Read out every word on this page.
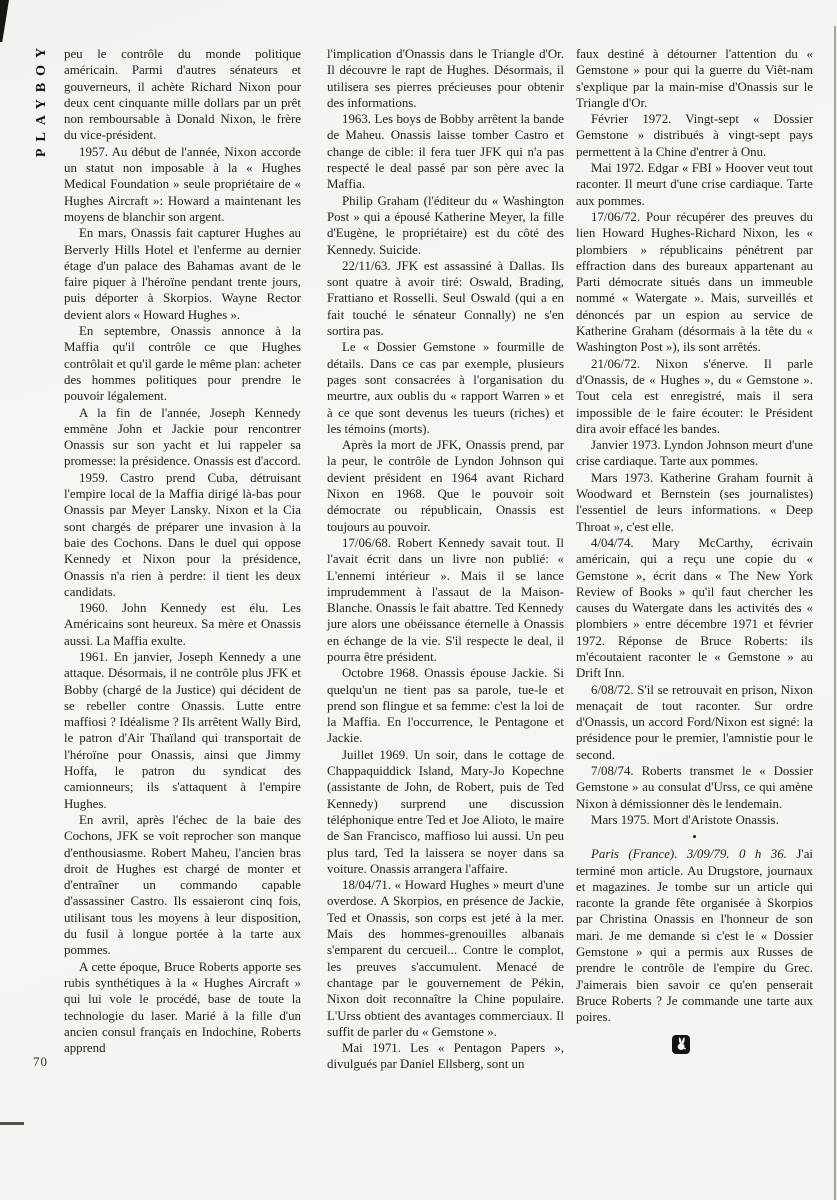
PLAYBOY peu le contrôle du monde politique américain. Parmi d'autres sénateurs et gouverneurs, il achète Richard Nixon pour deux cent cinquante mille dollars par un prêt non remboursable à Donald Nixon, le frère du vice-président.

1957. Au début de l'année, Nixon accorde un statut non imposable à la « Hughes Medical Foundation » seule propriétaire de « Hughes Aircraft »: Howard a maintenant les moyens de blanchir son argent.

En mars, Onassis fait capturer Hughes au Berverly Hills Hotel et l'enferme au dernier étage d'un palace des Bahamas avant de le faire piquer à l'héroïne pendant trente jours, puis déporter à Skorpios. Wayne Rector devient alors « Howard Hughes ».

En septembre, Onassis annonce à la Maffia qu'il contrôle ce que Hughes contrôlait et qu'il garde le même plan: acheter des hommes politiques pour prendre le pouvoir légalement.

A la fin de l'année, Joseph Kennedy emmène John et Jackie pour rencontrer Onassis sur son yacht et lui rappeler sa promesse: la présidence. Onassis est d'accord.

1959. Castro prend Cuba, détruisant l'empire local de la Maffia dirigé là-bas pour Onassis par Meyer Lansky. Nixon et la Cia sont chargés de préparer une invasion à la baie des Cochons. Dans le duel qui oppose Kennedy et Nixon pour la présidence, Onassis n'a rien à perdre: il tient les deux candidats.

1960. John Kennedy est élu. Les Américains sont heureux. Sa mère et Onassis aussi. La Maffia exulte.

1961. En janvier, Joseph Kennedy a une attaque. Désormais, il ne contrôle plus JFK et Bobby (chargé de la Justice) qui décident de se rebeller contre Onassis. Lutte entre maffiosi ? Idéalisme ? Ils arrêtent Wally Bird, le patron d'Air Thaïland qui transportait de l'héroïne pour Onassis, ainsi que Jimmy Hoffa, le patron du syndicat des camionneurs; ils s'attaquent à l'empire Hughes.

En avril, après l'échec de la baie des Cochons, JFK se voit reprocher son manque d'enthousiasme. Robert Maheu, l'ancien bras droit de Hughes est chargé de monter et d'entraîner un commando capable d'assassiner Castro. Ils essaieront cinq fois, utilisant tous les moyens à leur disposition, du fusil à longue portée à la tarte aux pommes.

A cette époque, Bruce Roberts apporte ses rubis synthétiques à la « Hughes Aircraft » qui lui vole le procédé, base de toute la technologie du laser. Marié à la fille d'un ancien consul français en Indochine, Roberts apprend

l'implication d'Onassis dans le Triangle d'Or. Il découvre le rapt de Hughes. Désormais, il utilisera ses pierres précieuses pour obtenir des informations.

1963. Les boys de Bobby arrêtent la bande de Maheu. Onassis laisse tomber Castro et change de cible: il fera tuer JFK qui n'a pas respecté le deal passé par son père avec la Maffia.

Philip Graham (l'éditeur du « Washington Post » qui a épousé Katherine Meyer, la fille d'Eugène, le propriétaire) est du côté des Kennedy. Suicide.

22/11/63. JFK est assassiné à Dallas. Ils sont quatre à avoir tiré: Oswald, Brading, Frattiano et Rosselli. Seul Oswald (qui a en fait touché le sénateur Connally) ne s'en sortira pas.

Le « Dossier Gemstone » fourmille de détails. Dans ce cas par exemple, plusieurs pages sont consacrées à l'organisation du meurtre, aux oublis du « rapport Warren » et à ce que sont devenus les tueurs (riches) et les témoins (morts).

Après la mort de JFK, Onassis prend, par la peur, le contrôle de Lyndon Johnson qui devient président en 1964 avant Richard Nixon en 1968. Que le pouvoir soit démocrate ou républicain, Onassis est toujours au pouvoir.

17/06/68. Robert Kennedy savait tout. Il l'avait écrit dans un livre non publié: « L'ennemi intérieur ». Mais il se lance imprudemment à l'assaut de la Maison-Blanche. Onassis le fait abattre. Ted Kennedy jure alors une obéissance éternelle à Onassis en échange de la vie. S'il respecte le deal, il pourra être président.

Octobre 1968. Onassis épouse Jackie. Si quelqu'un ne tient pas sa parole, tue-le et prend son flingue et sa femme: c'est la loi de la Maffia. En l'occurrence, le Pentagone et Jackie.

Juillet 1969. Un soir, dans le cottage de Chappaquiddick Island, Mary-Jo Kopechne (assistante de John, de Robert, puis de Ted Kennedy) surprend une discussion téléphonique entre Ted et Joe Alioto, le maire de San Francisco, maffioso lui aussi. Un peu plus tard, Ted la laissera se noyer dans sa voiture. Onassis arrangera l'affaire.

18/04/71. « Howard Hughes » meurt d'une overdose. A Skorpios, en présence de Jackie, Ted et Onassis, son corps est jeté à la mer. Mais des hommes-grenouilles albanais s'emparent du cercueil... Contre le complot, les preuves s'accumulent. Menacé de chantage par le gouvernement de Pékin, Nixon doit reconnaître la Chine populaire. L'Urss obtient des avantages commerciaux. Il suffit de parler du « Gemstone ».

Mai 1971. Les « Pentagon Papers », divulgués par Daniel Ellsberg, sont un

faux destiné à détourner l'attention du « Gemstone » pour qui la guerre du Viêt-nam s'explique par la main-mise d'Onassis sur le Triangle d'Or.

Février 1972. Vingt-sept « Dossier Gemstone » distribués à vingt-sept pays permettent à la Chine d'entrer à Onu.

Mai 1972. Edgar « FBI » Hoover veut tout raconter. Il meurt d'une crise cardiaque. Tarte aux pommes.

17/06/72. Pour récupérer des preuves du lien Howard Hughes-Richard Nixon, les « plombiers » républicains pénétrent par effraction dans des bureaux appartenant au Parti démocrate situés dans un immeuble nommé « Watergate ». Mais, surveillés et dénoncés par un espion au service de Katherine Graham (désormais à la tête du « Washington Post »), ils sont arrêtés.

21/06/72. Nixon s'énerve. Il parle d'Onassis, de « Hughes », du « Gemstone ». Tout cela est enregistré, mais il sera impossible de le faire écouter: le Président dira avoir effacé les bandes.

Janvier 1973. Lyndon Johnson meurt d'une crise cardiaque. Tarte aux pommes.

Mars 1973. Katherine Graham fournit à Woodward et Bernstein (ses journalistes) l'essentiel de leurs informations. « Deep Throat », c'est elle.

4/04/74. Mary McCarthy, écrivain américain, qui a reçu une copie du « Gemstone », écrit dans « The New York Review of Books » qu'il faut chercher les causes du Watergate dans les activités des « plombiers » entre décembre 1971 et février 1972. Réponse de Bruce Roberts: ils m'écoutaient raconter le « Gemstone » au Drift Inn.

6/08/72. S'il se retrouvait en prison, Nixon menaçait de tout raconter. Sur ordre d'Onassis, un accord Ford/Nixon est signé: la présidence pour le premier, l'amnistie pour le second.

7/08/74. Roberts transmet le « Dossier Gemstone » au consulat d'Urss, ce qui amène Nixon à démissionner dès le lendemain.

Mars 1975. Mort d'Aristote Onassis.

•

Paris (France). 3/09/79. 0 h 36. J'ai terminé mon article. Au Drugstore, journaux et magazines. Je tombe sur un article qui raconte la grande fête organisée à Skorpios par Christina Onassis en l'honneur de son mari. Je me demande si c'est le « Dossier Gemstone » qui a permis aux Russes de prendre le contrôle de l'empire du Grec. J'aimerais bien savoir ce qu'en penserait Bruce Roberts ? Je commande une tarte aux poires.

70
